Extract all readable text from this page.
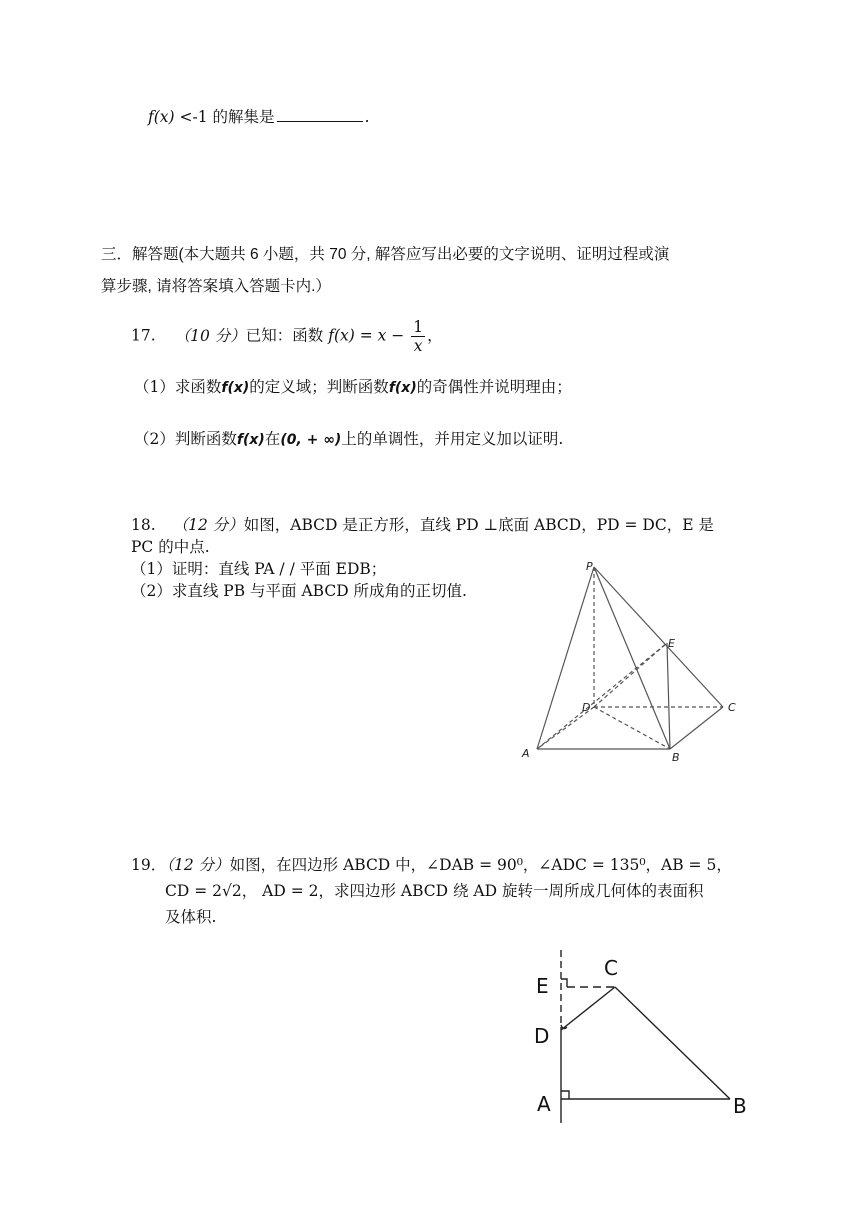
f(x) <-1 的解集是	.
三．解答题(本大题共 6 小题，共 70 分, 解答应写出必要的文字说明、证明过程或演
算步骤, 请将答案填入答题卡内.）
17. （10 分）已知：函数 $f(x) = x - \frac{1}{x}$ ，
（1）求函数f(x)的定义域；判断函数f(x)的奇偶性并说明理由；
（2）判断函数f(x)在(0, + ∞)上的单调性，并用定义加以证明.
18. （12 分）如图，ABCD 是正方形，直线 PD ⊥底面 ABCD，PD = DC，E 是
PC 的中点.
（1）证明：直线 PA / / 平面 EDB；
（2）求直线 PB 与平面 ABCD 所成角的正切值.
P
E
D	C
A	B
19．（12 分）如图，在四边形 ABCD 中，∠DAB = 90⁰，∠ADC = 135⁰，AB = 5，
CD = 2√2， AD = 2，求四边形 ABCD 绕 AD 旋转一周所成几何体的表面积
及体积.
E
C
D
A	B
